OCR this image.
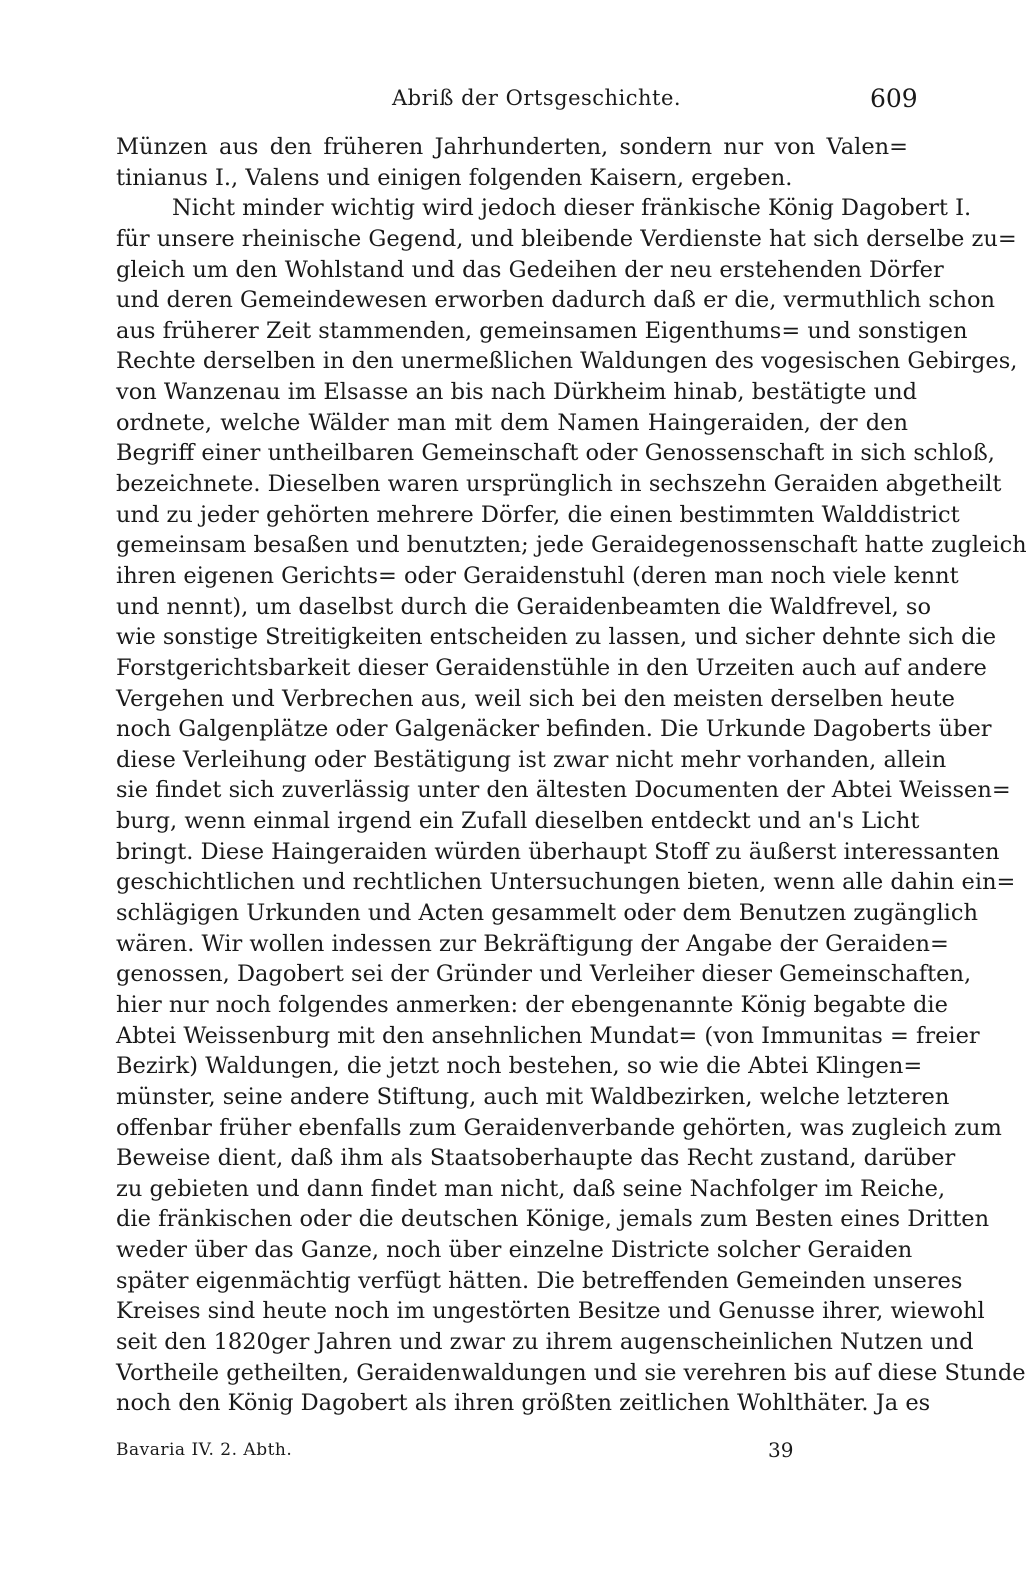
Abriß der Ortsgeschichte.	609
Münzen aus den früheren Jahrhunderten, sondern nur von Valen=
tinianus I., Valens und einigen folgenden Kaisern, ergeben.
Nicht minder wichtig wird jedoch dieser fränkische König Dagobert I.
für unsere rheinische Gegend, und bleibende Verdienste hat sich derselbe zu=
gleich um den Wohlstand und das Gedeihen der neu erstehenden Dörfer
und deren Gemeindewesen erworben dadurch daß er die, vermuthlich schon
aus früherer Zeit stammenden, gemeinsamen Eigenthums= und sonstigen
Rechte derselben in den unermeßlichen Waldungen des vogesischen Gebirges,
von Wanzenau im Elsasse an bis nach Dürkheim hinab, bestätigte und
ordnete, welche Wälder man mit dem Namen Haingeraiden, der den
Begriff einer untheilbaren Gemeinschaft oder Genossenschaft in sich schloß,
bezeichnete. Dieselben waren ursprünglich in sechszehn Geraiden abgetheilt
und zu jeder gehörten mehrere Dörfer, die einen bestimmten Walddistrict
gemeinsam besaßen und benutzten; jede Geraidegenossenschaft hatte zugleich
ihren eigenen Gerichts= oder Geraidenstuhl (deren man noch viele kennt
und nennt), um daselbst durch die Geraidenbeamten die Waldfrevel, so
wie sonstige Streitigkeiten entscheiden zu lassen, und sicher dehnte sich die
Forstgerichtsbarkeit dieser Geraidenstühle in den Urzeiten auch auf andere
Vergehen und Verbrechen aus, weil sich bei den meisten derselben heute
noch Galgenplätze oder Galgenäcker befinden. Die Urkunde Dagoberts über
diese Verleihung oder Bestätigung ist zwar nicht mehr vorhanden, allein
sie findet sich zuverlässig unter den ältesten Documenten der Abtei Weissen=
burg, wenn einmal irgend ein Zufall dieselben entdeckt und an's Licht
bringt. Diese Haingeraiden würden überhaupt Stoff zu äußerst interessanten
geschichtlichen und rechtlichen Untersuchungen bieten, wenn alle dahin ein=
schlägigen Urkunden und Acten gesammelt oder dem Benutzen zugänglich
wären. Wir wollen indessen zur Bekräftigung der Angabe der Geraiden=
genossen, Dagobert sei der Gründer und Verleiher dieser Gemeinschaften,
hier nur noch folgendes anmerken: der ebengenannte König begabte die
Abtei Weissenburg mit den ansehnlichen Mundat= (von Immunitas = freier
Bezirk) Waldungen, die jetzt noch bestehen, so wie die Abtei Klingen=
münster, seine andere Stiftung, auch mit Waldbezirken, welche letzteren
offenbar früher ebenfalls zum Geraidenverbande gehörten, was zugleich zum
Beweise dient, daß ihm als Staatsoberhaupte das Recht zustand, darüber
zu gebieten und dann findet man nicht, daß seine Nachfolger im Reiche,
die fränkischen oder die deutschen Könige, jemals zum Besten eines Dritten
weder über das Ganze, noch über einzelne Districte solcher Geraiden
später eigenmächtig verfügt hätten. Die betreffenden Gemeinden unseres
Kreises sind heute noch im ungestörten Besitze und Genusse ihrer, wiewohl
seit den 1820ger Jahren und zwar zu ihrem augenscheinlichen Nutzen und
Vortheile getheilten, Geraidenwaldungen und sie verehren bis auf diese Stunde
noch den König Dagobert als ihren größten zeitlichen Wohlthäter. Ja es
Bavaria IV. 2. Abth.	39
